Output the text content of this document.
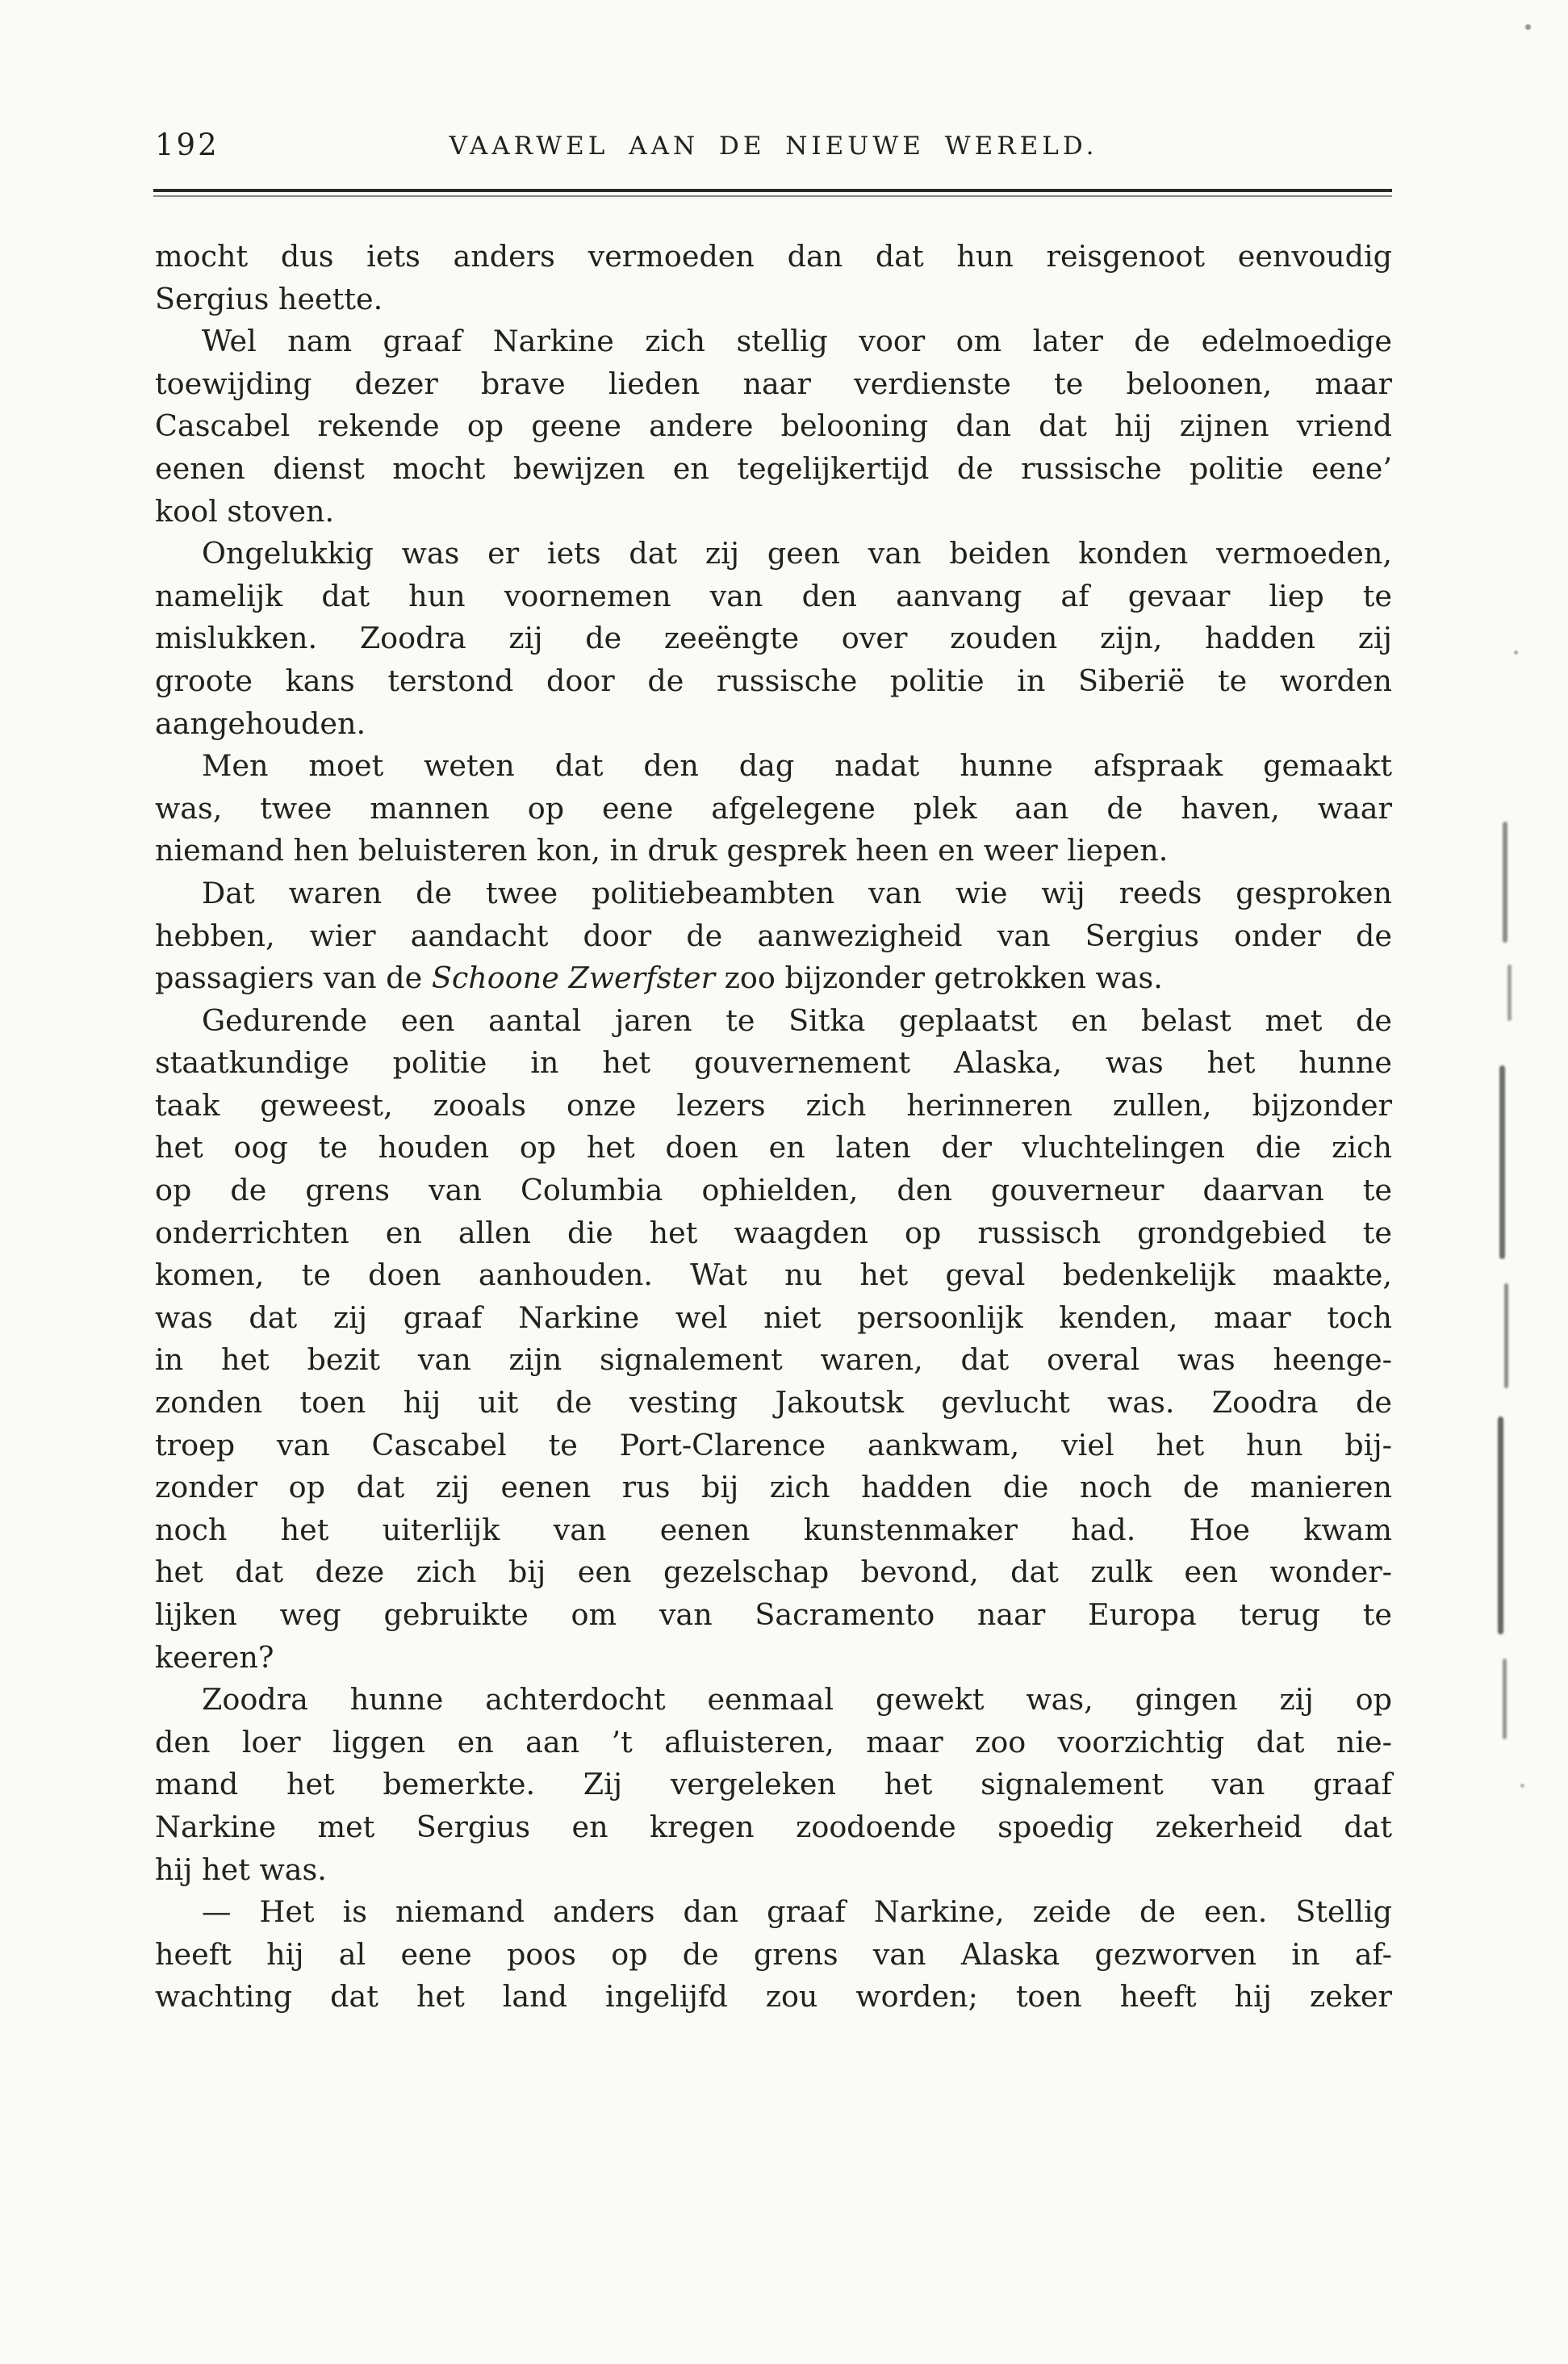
192	VAARWEL AAN DE NIEUWE WERELD.
mocht dus iets anders vermoeden dan dat hun reisgenoot eenvoudig
Sergius heette.
Wel nam graaf Narkine zich stellig voor om later de edelmoedige
toewijding dezer brave lieden naar verdienste te beloonen, maar
Cascabel rekende op geene andere belooning dan dat hij zijnen vriend
eenen dienst mocht bewijzen en tegelijkertijd de russische politie eene’
kool stoven.
Ongelukkig was er iets dat zij geen van beiden konden vermoeden,
namelijk dat hun voornemen van den aanvang af gevaar liep te
mislukken. Zoodra zij de zeeëngte over zouden zijn, hadden zij
groote kans terstond door de russische politie in Siberië te worden
aangehouden.
Men moet weten dat den dag nadat hunne afspraak gemaakt
was, twee mannen op eene afgelegene plek aan de haven, waar
niemand hen beluisteren kon, in druk gesprek heen en weer liepen.
Dat waren de twee politiebeambten van wie wij reeds gesproken
hebben, wier aandacht door de aanwezigheid van Sergius onder de
passagiers van de Schoone Zwerfster zoo bijzonder getrokken was.
Gedurende een aantal jaren te Sitka geplaatst en belast met de
staatkundige politie in het gouvernement Alaska, was het hunne
taak geweest, zooals onze lezers zich herinneren zullen, bijzonder
het oog te houden op het doen en laten der vluchtelingen die zich
op de grens van Columbia ophielden, den gouverneur daarvan te
onderrichten en allen die het waagden op russisch grondgebied te
komen, te doen aanhouden. Wat nu het geval bedenkelijk maakte,
was dat zij graaf Narkine wel niet persoonlijk kenden, maar toch
in het bezit van zijn signalement waren, dat overal was heenge-
zonden toen hij uit de vesting Jakoutsk gevlucht was. Zoodra de
troep van Cascabel te Port-Clarence aankwam, viel het hun bij-
zonder op dat zij eenen rus bij zich hadden die noch de manieren
noch het uiterlijk van eenen kunstenmaker had. Hoe kwam
het dat deze zich bij een gezelschap bevond, dat zulk een wonder-
lijken weg gebruikte om van Sacramento naar Europa terug te
keeren?
Zoodra hunne achterdocht eenmaal gewekt was, gingen zij op
den loer liggen en aan ’t afluisteren, maar zoo voorzichtig dat nie-
mand het bemerkte. Zij vergeleken het signalement van graaf
Narkine met Sergius en kregen zoodoende spoedig zekerheid dat
hij het was.
— Het is niemand anders dan graaf Narkine, zeide de een. Stellig
heeft hij al eene poos op de grens van Alaska gezworven in af-
wachting dat het land ingelijfd zou worden; toen heeft hij zeker
